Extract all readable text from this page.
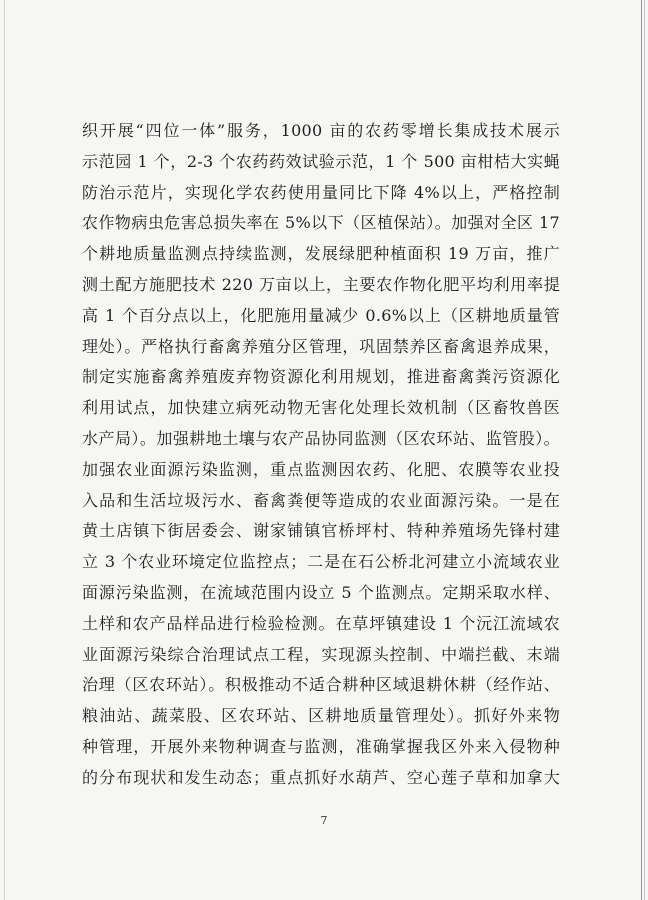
织开展“四位一体”服务，1000 亩的农药零增长集成技术展示
示范园 1 个，2-3 个农药药效试验示范，1 个 500 亩柑桔大实蝇
防治示范片，实现化学农药使用量同比下降 4%以上，严格控制
农作物病虫危害总损失率在 5%以下（区植保站）。加强对全区 17
个耕地质量监测点持续监测，发展绿肥种植面积 19 万亩，推广
测土配方施肥技术 220 万亩以上，主要农作物化肥平均利用率提
高 1 个百分点以上，化肥施用量减少 0.6%以上（区耕地质量管
理处）。严格执行畜禽养殖分区管理，巩固禁养区畜禽退养成果，
制定实施畜禽养殖废弃物资源化利用规划，推进畜禽粪污资源化
利用试点，加快建立病死动物无害化处理长效机制（区畜牧兽医
水产局）。加强耕地土壤与农产品协同监测（区农环站、监管股）。
加强农业面源污染监测，重点监测因农药、化肥、农膜等农业投
入品和生活垃圾污水、畜禽粪便等造成的农业面源污染。一是在
黄土店镇下街居委会、谢家铺镇官桥坪村、特种养殖场先锋村建
立 3 个农业环境定位监控点；二是在石公桥北河建立小流域农业
面源污染监测，在流域范围内设立 5 个监测点。定期采取水样、
土样和农产品样品进行检验检测。在草坪镇建设 1 个沅江流域农
业面源污染综合治理试点工程，实现源头控制、中端拦截、末端
治理（区农环站）。积极推动不适合耕种区域退耕休耕（经作站、
粮油站、蔬菜股、区农环站、区耕地质量管理处）。抓好外来物
种管理，开展外来物种调查与监测，准确掌握我区外来入侵物种
的分布现状和发生动态；重点抓好水葫芦、空心莲子草和加拿大
7
